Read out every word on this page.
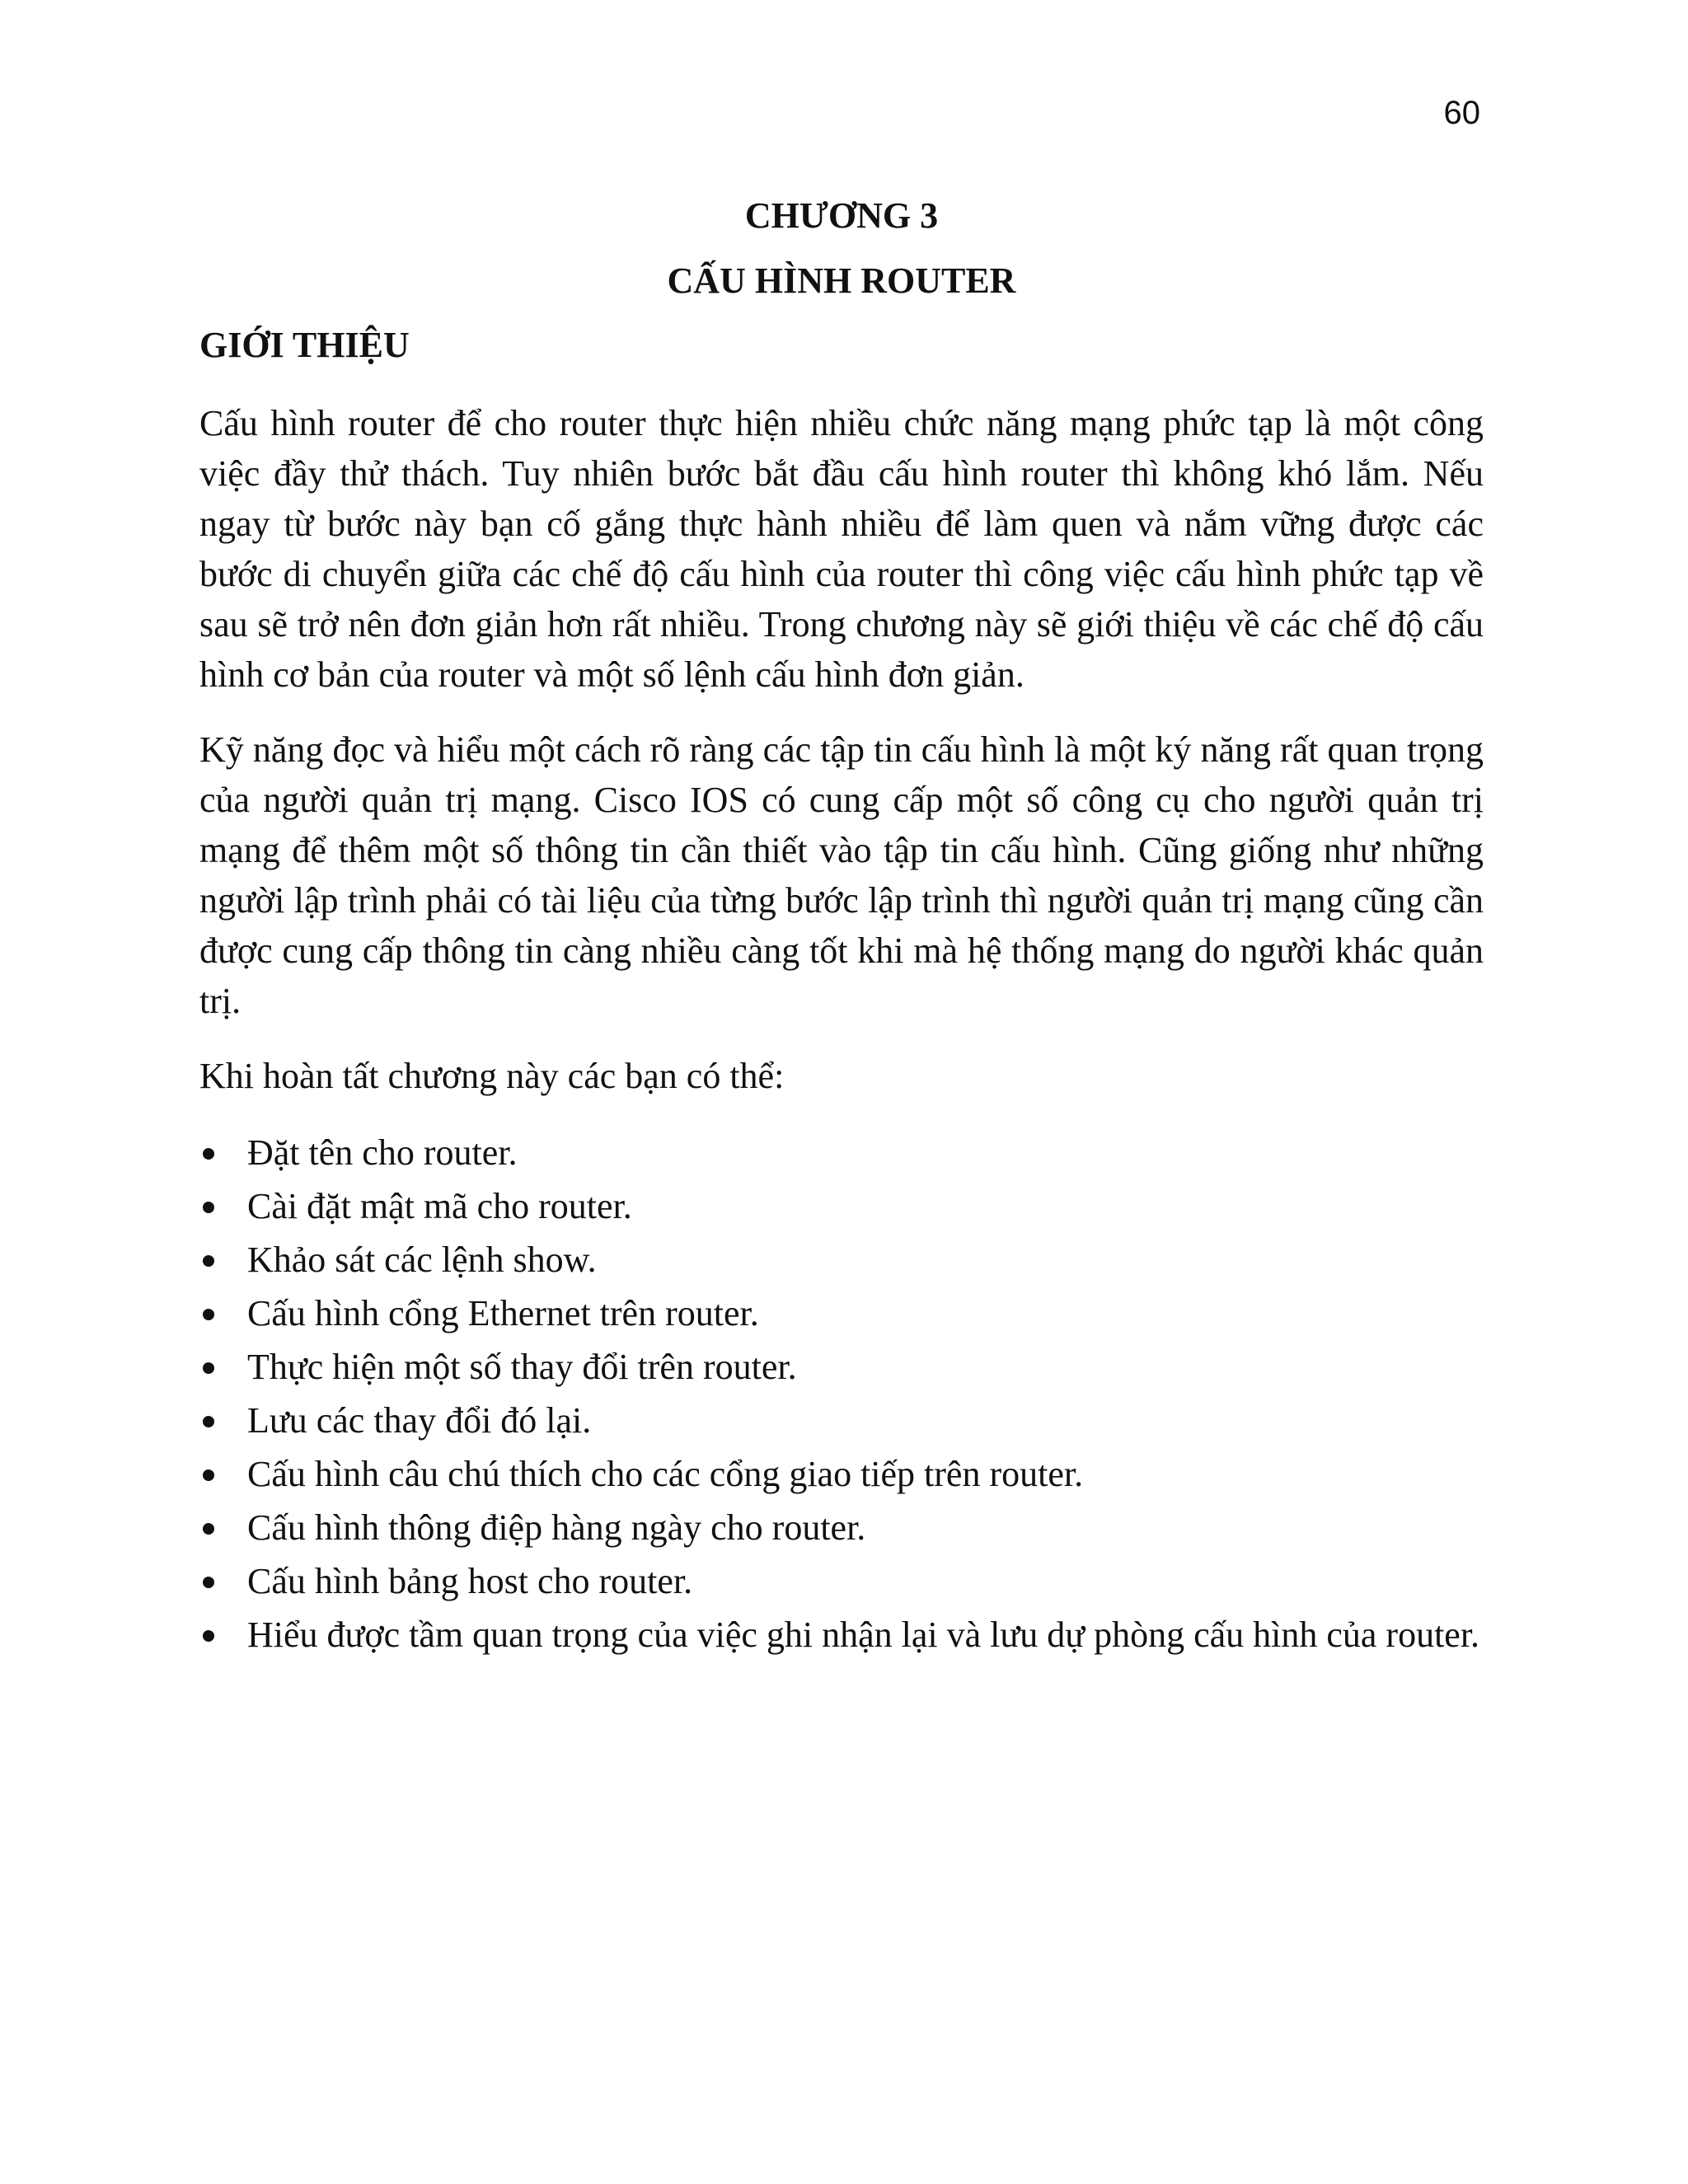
60
CHƯƠNG 3
CẤU HÌNH ROUTER
GIỚI THIỆU

Cấu hình router để cho router thực hiện nhiều chức năng mạng phức tạp là một công việc đầy thử thách. Tuy nhiên bước bắt đầu cấu hình router thì không khó lắm. Nếu ngay từ bước này bạn cố gắng thực hành nhiều để làm quen và nắm vững được các bước di chuyển giữa các chế độ cấu hình của router thì công việc cấu hình phức tạp về sau sẽ trở nên đơn giản hơn rất nhiều. Trong chương này sẽ giới thiệu về các chế độ cấu hình cơ bản của router và một số lệnh cấu hình đơn giản.

Kỹ năng đọc và hiểu một cách rõ ràng các tập tin cấu hình là một ký năng rất quan trọng của người quản trị mạng. Cisco IOS có cung cấp một số công cụ cho người quản trị mạng để thêm một số thông tin cần thiết vào tập tin cấu hình. Cũng giống như những người lập trình phải có tài liệu của từng bước lập trình thì người quản trị mạng cũng cần được cung cấp thông tin càng nhiều càng tốt khi mà hệ thống mạng do người khác quản trị.

Khi hoàn tất chương này các bạn có thể:

Đặt tên cho router.
Cài đặt mật mã cho router.
Khảo sát các lệnh show.
Cấu hình cổng Ethernet trên router.
Thực hiện một số thay đổi trên router.
Lưu các thay đổi đó lại.
Cấu hình câu chú thích cho các cổng giao tiếp trên router.
Cấu hình thông điệp hàng ngày cho router.
Cấu hình bảng host cho router.
Hiểu được tầm quan trọng của việc ghi nhận lại và lưu dự phòng cấu hình của router.
